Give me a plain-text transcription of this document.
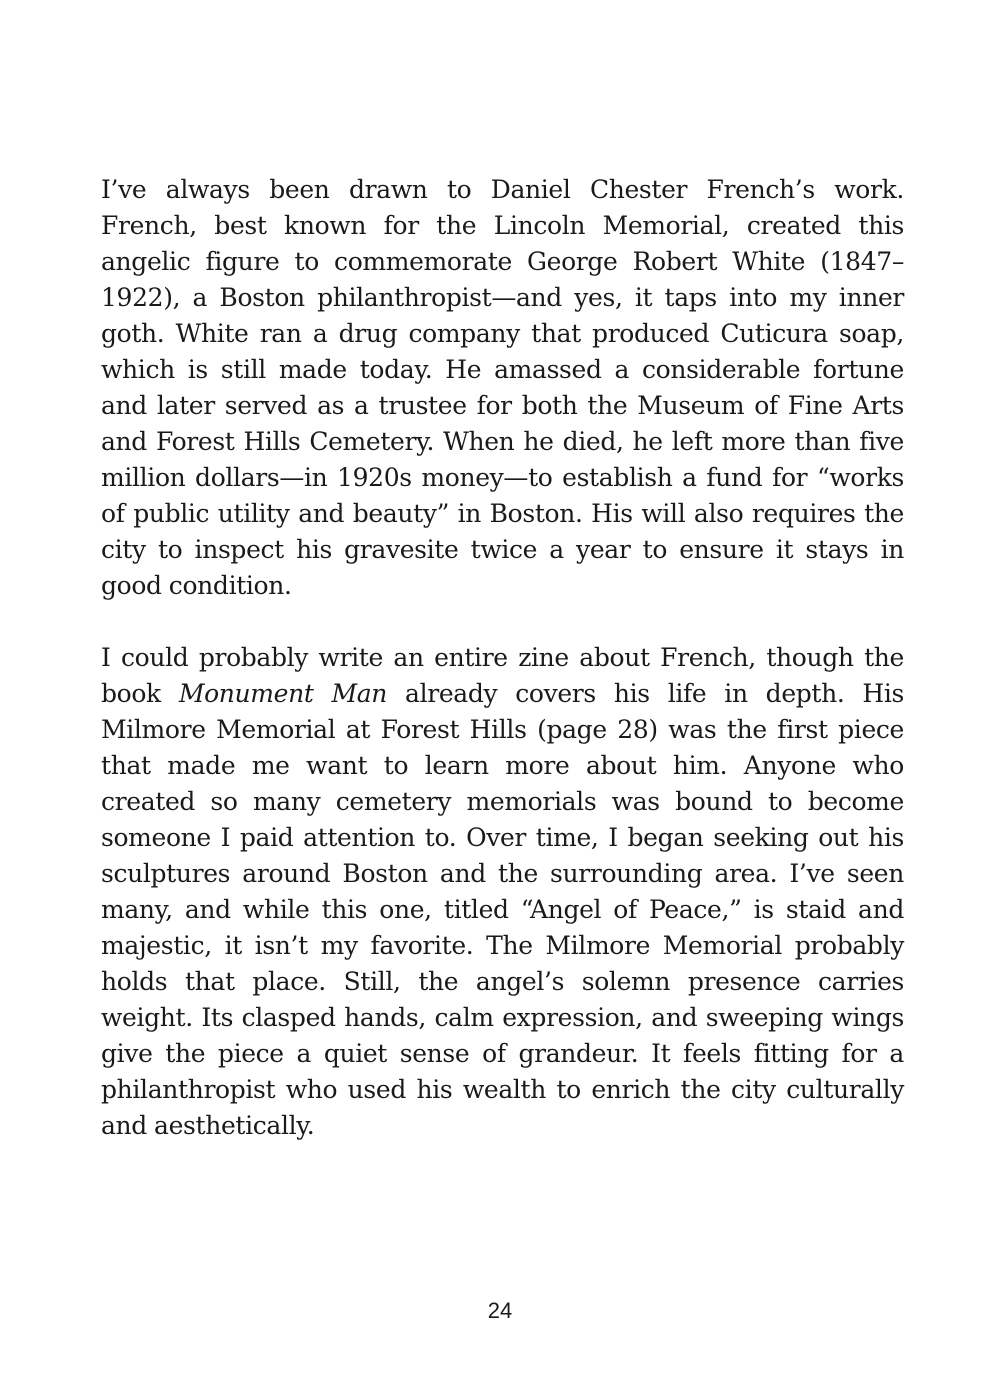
I’ve always been drawn to Daniel Chester French’s work. French, best known for the Lincoln Memorial, created this angelic figure to commemorate George Robert White (1847–1922), a Boston philanthropist—and yes, it taps into my inner goth. White ran a drug company that produced Cuticura soap, which is still made today. He amassed a considerable fortune and later served as a trustee for both the Museum of Fine Arts and Forest Hills Cemetery. When he died, he left more than five million dollars—in 1920s money—to establish a fund for “works of public utility and beauty” in Boston. His will also requires the city to inspect his gravesite twice a year to ensure it stays in good condition.

I could probably write an entire zine about French, though the book Monument Man already covers his life in depth. His Milmore Memorial at Forest Hills (page 28) was the first piece that made me want to learn more about him. Anyone who created so many cemetery memorials was bound to become someone I paid attention to. Over time, I began seeking out his sculptures around Boston and the surrounding area. I’ve seen many, and while this one, titled “Angel of Peace,” is staid and majestic, it isn’t my favorite. The Milmore Memorial probably holds that place. Still, the angel’s solemn presence carries weight. Its clasped hands, calm expression, and sweeping wings give the piece a quiet sense of grandeur. It feels fitting for a philanthropist who used his wealth to enrich the city culturally and aesthetically.

24
